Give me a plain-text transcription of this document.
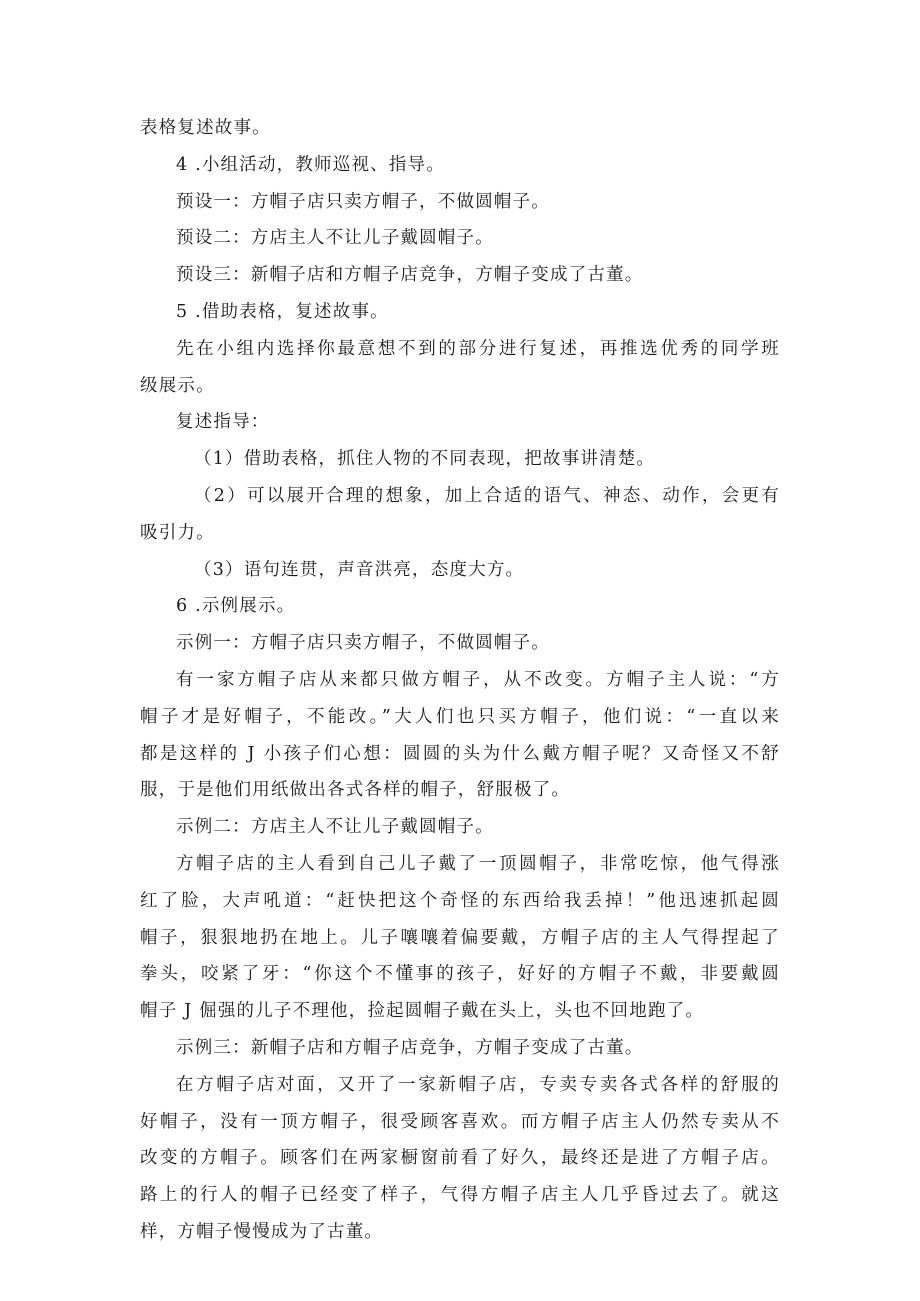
表格复述故事。
4 .小组活动，教师巡视、指导。
预设一：方帽子店只卖方帽子，不做圆帽子。
预设二：方店主人不让儿子戴圆帽子。
预设三：新帽子店和方帽子店竞争，方帽子变成了古董。
5 .借助表格，复述故事。
先在小组内选择你最意想不到的部分进行复述，再推选优秀的同学班
级展示。
复述指导：
（1）借助表格，抓住人物的不同表现，把故事讲清楚。
（2）可以展开合理的想象，加上合适的语气、神态、动作，会更有
吸引力。
（3）语句连贯，声音洪亮，态度大方。
6 .示例展示。
示例一：方帽子店只卖方帽子，不做圆帽子。
有一家方帽子店从来都只做方帽子，从不改变。方帽子主人说：“方
帽子才是好帽子，不能改。”大人们也只买方帽子，他们说：“一直以来
都是这样的 J 小孩子们心想：圆圆的头为什么戴方帽子呢？又奇怪又不舒
服，于是他们用纸做出各式各样的帽子，舒服极了。
示例二：方店主人不让儿子戴圆帽子。
方帽子店的主人看到自己儿子戴了一顶圆帽子，非常吃惊，他气得涨
红了脸，大声吼道：“赶快把这个奇怪的东西给我丢掉！”他迅速抓起圆
帽子，狠狠地扔在地上。儿子嚷嚷着偏要戴，方帽子店的主人气得捏起了
拳头，咬紧了牙：“你这个不懂事的孩子，好好的方帽子不戴，非要戴圆
帽子 J 倔强的儿子不理他，捡起圆帽子戴在头上，头也不回地跑了。
示例三：新帽子店和方帽子店竞争，方帽子变成了古董。
在方帽子店对面，又开了一家新帽子店，专卖专卖各式各样的舒服的
好帽子，没有一顶方帽子，很受顾客喜欢。而方帽子店主人仍然专卖从不
改变的方帽子。顾客们在两家橱窗前看了好久，最终还是进了方帽子店。
路上的行人的帽子已经变了样子，气得方帽子店主人几乎昏过去了。就这
样，方帽子慢慢成为了古董。
